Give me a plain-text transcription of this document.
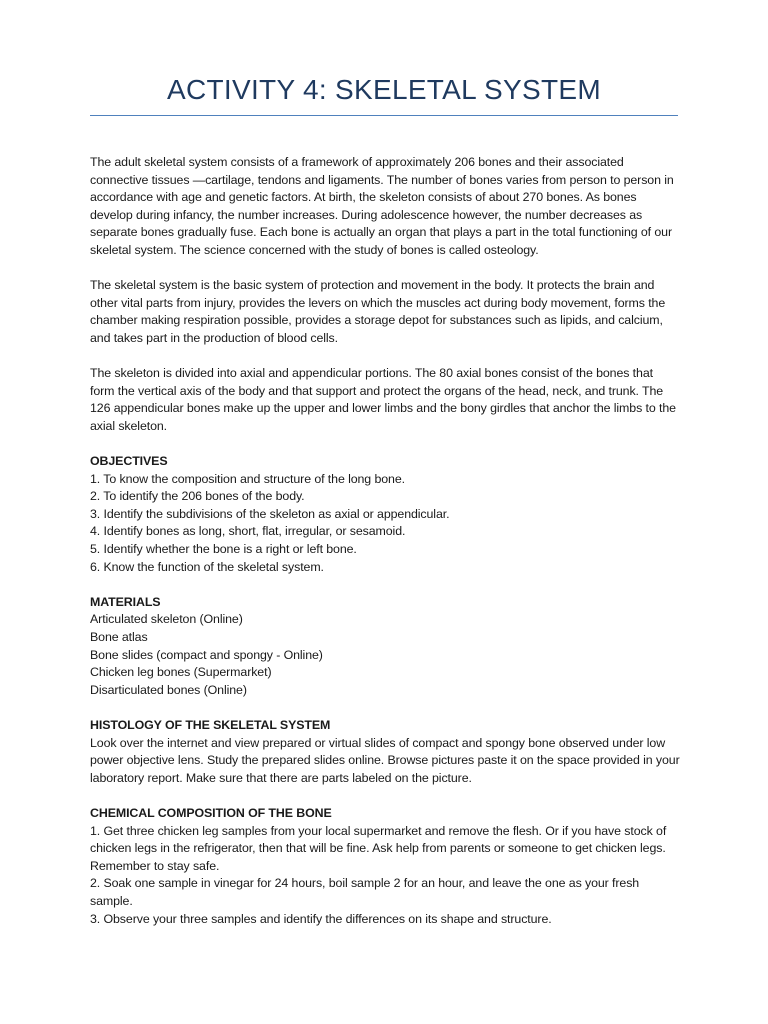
ACTIVITY 4: SKELETAL SYSTEM

The adult skeletal system consists of a framework of approximately 206 bones and their associated connective tissues —cartilage, tendons and ligaments. The number of bones varies from person to person in accordance with age and genetic factors. At birth, the skeleton consists of about 270 bones. As bones develop during infancy, the number increases. During adolescence however, the number decreases as separate bones gradually fuse. Each bone is actually an organ that plays a part in the total functioning of our skeletal system. The science concerned with the study of bones is called osteology.

The skeletal system is the basic system of protection and movement in the body. It protects the brain and other vital parts from injury, provides the levers on which the muscles act during body movement, forms the chamber making respiration possible, provides a storage depot for substances such as lipids, and calcium, and takes part in the production of blood cells.

The skeleton is divided into axial and appendicular portions. The 80 axial bones consist of the bones that form the vertical axis of the body and that support and protect the organs of the head, neck, and trunk. The 126 appendicular bones make up the upper and lower limbs and the bony girdles that anchor the limbs to the axial skeleton.

OBJECTIVES
1. To know the composition and structure of the long bone.
2. To identify the 206 bones of the body.
3. Identify the subdivisions of the skeleton as axial or appendicular.
4. Identify bones as long, short, flat, irregular, or sesamoid.
5. Identify whether the bone is a right or left bone.
6. Know the function of the skeletal system.

MATERIALS
Articulated skeleton (Online)
Bone atlas
Bone slides (compact and spongy - Online)
Chicken leg bones (Supermarket)
Disarticulated bones (Online)

HISTOLOGY OF THE SKELETAL SYSTEM
Look over the internet and view prepared or virtual slides of compact and spongy bone observed under low power objective lens. Study the prepared slides online. Browse pictures paste it on the space provided in your laboratory report. Make sure that there are parts labeled on the picture.

CHEMICAL COMPOSITION OF THE BONE
1. Get three chicken leg samples from your local supermarket and remove the flesh. Or if you have stock of chicken legs in the refrigerator, then that will be fine. Ask help from parents or someone to get chicken legs. Remember to stay safe.
2. Soak one sample in vinegar for 24 hours, boil sample 2 for an hour, and leave the one as your fresh sample.
3. Observe your three samples and identify the differences on its shape and structure.
